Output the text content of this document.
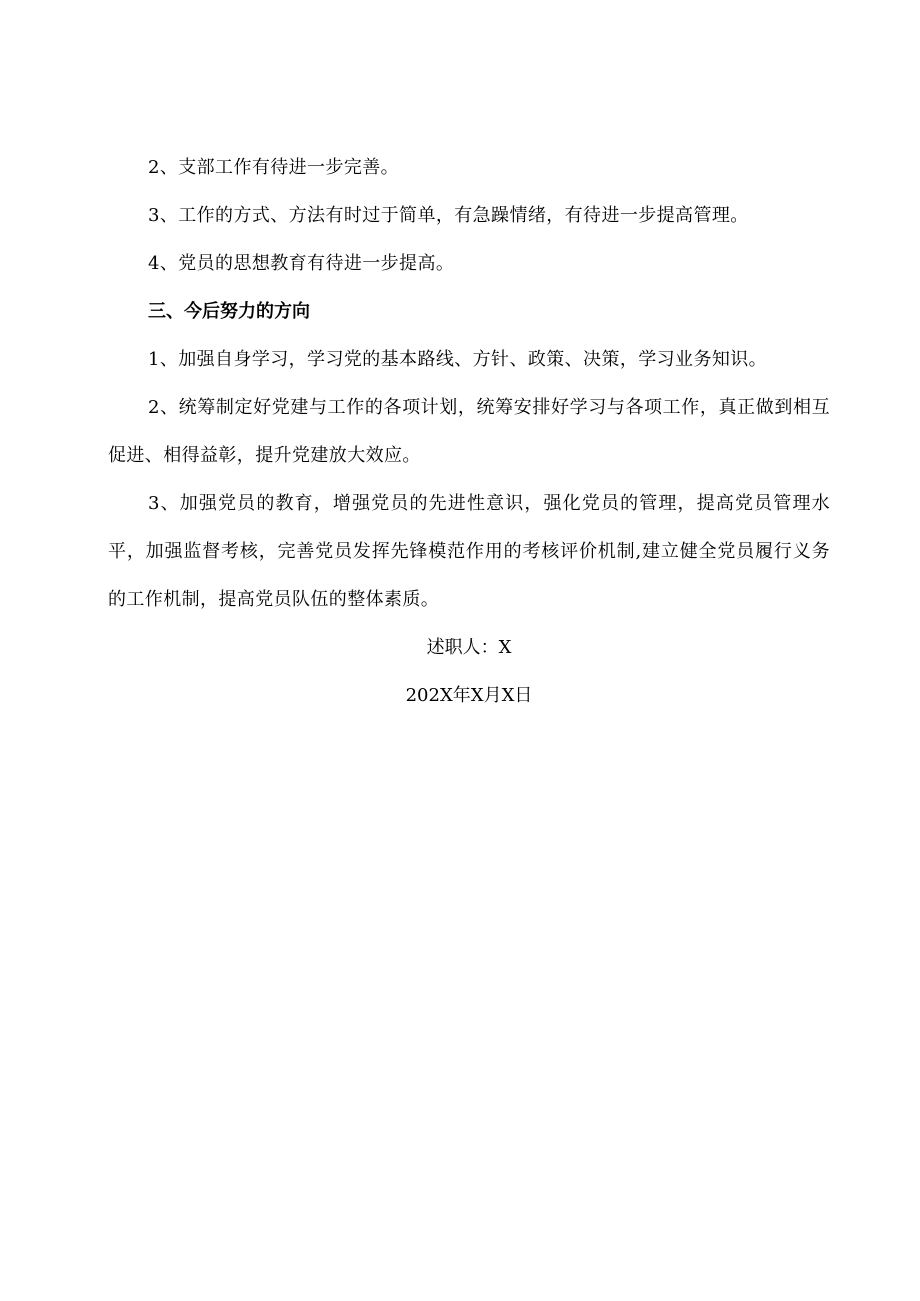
2、支部工作有待进一步完善。

3、工作的方式、方法有时过于简单，有急躁情绪，有待进一步提高管理。

4、党员的思想教育有待进一步提高。

三、今后努力的方向

1、加强自身学习，学习党的基本路线、方针、政策、决策，学习业务知识。

2、统筹制定好党建与工作的各项计划，统筹安排好学习与各项工作，真正做到相互促进、相得益彰，提升党建放大效应。

3、加强党员的教育，增强党员的先进性意识，强化党员的管理，提高党员管理水平，加强监督考核，完善党员发挥先锋模范作用的考核评价机制,建立健全党员履行义务的工作机制，提高党员队伍的整体素质。

述职人：X

202X年X月X日
